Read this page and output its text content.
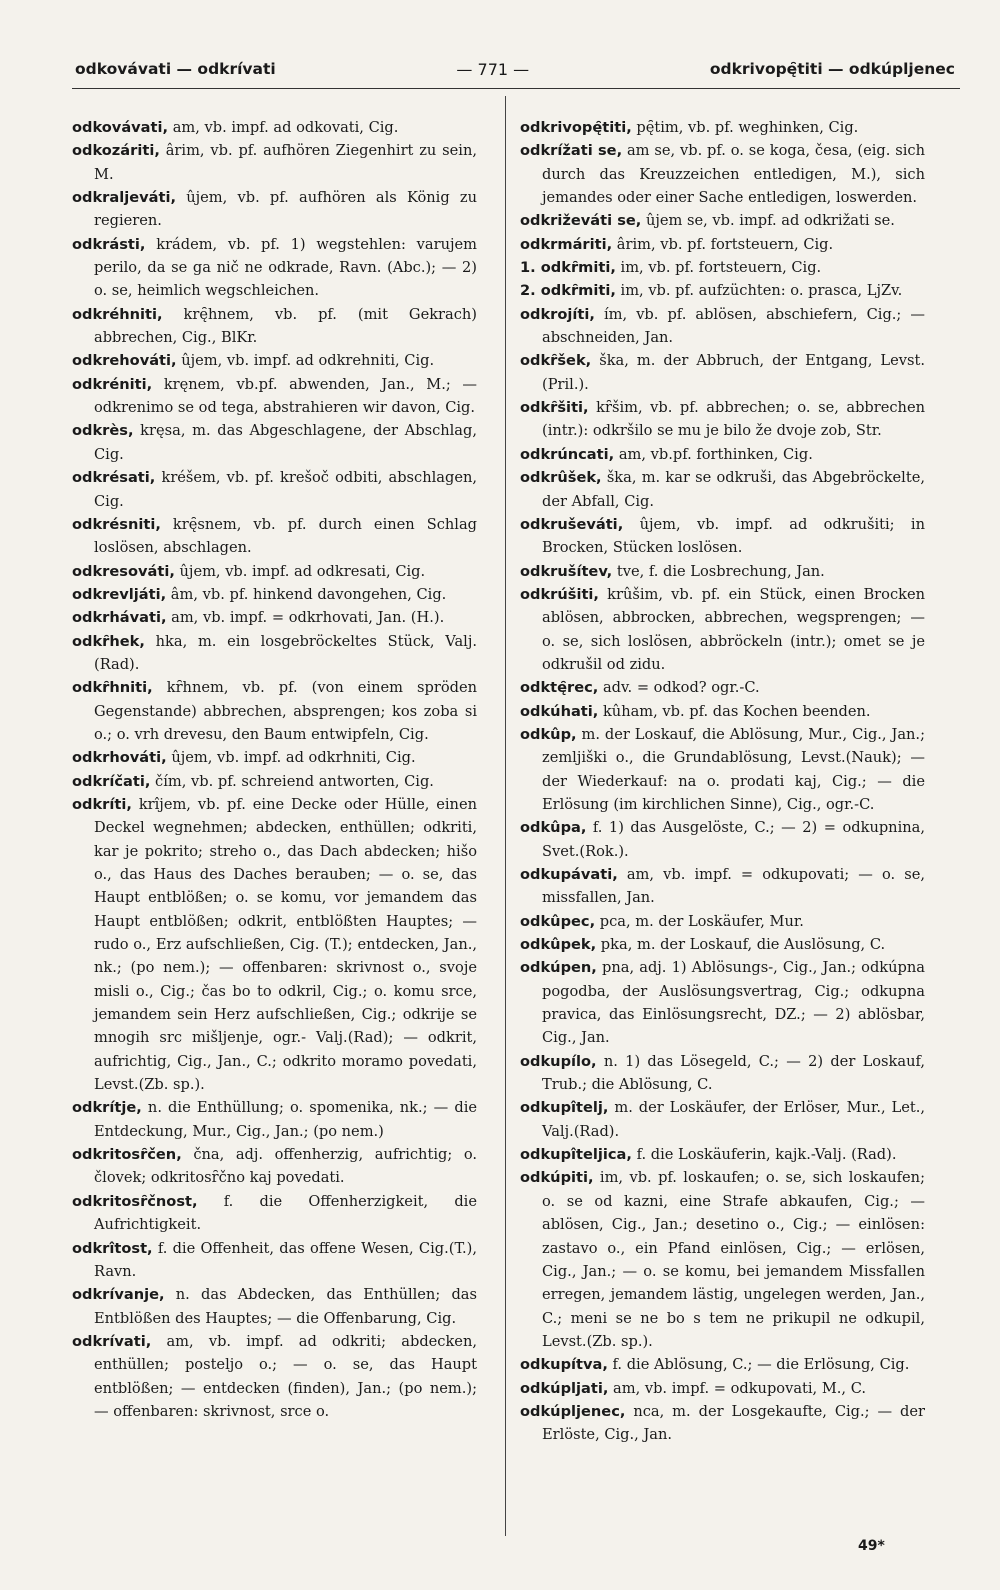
odkovávati — odkrívati	— 771 —	odkrivopę̑titi — odkúpljenec

odkovávati, am, vb. impf. ad odkovati, Cig.

odkozáriti, ârim, vb. pf. aufhören Ziegenhirt zu sein, M.

odkraljeváti, ûjem, vb. pf. aufhören als König zu regieren.

odkrásti, krádem, vb. pf. 1) wegstehlen: varujem perilo, da se ga nič ne odkrade, Ravn. (Abc.); — 2) o. se, heimlich wegschleichen.

odkréhniti, krę̑hnem, vb. pf. (mit Gekrach) abbrechen, Cig., BlKr.

odkrehováti, ûjem, vb. impf. ad odkrehniti, Cig.

odkréniti, kręnem, vb.pf. abwenden, Jan., M.; — odkrenimo se od tega, abstrahieren wir davon, Cig.

odkrès, kręsa, m. das Abgeschlagene, der Abschlag, Cig.

odkrésati, kréšem, vb. pf. krešoč odbiti, abschlagen, Cig.

odkrésniti, krę̑snem, vb. pf. durch einen Schlag loslösen, abschlagen.

odkresováti, ûjem, vb. impf. ad odkresati, Cig.

odkrevljáti, âm, vb. pf. hinkend davongehen, Cig.

odkrhávati, am, vb. impf. = odkrhovati, Jan. (H.).

odkȓhek, hka, m. ein losgebröckeltes Stück, Valj.(Rad).

odkȓhniti, kȓhnem, vb. pf. (von einem spröden Gegenstande) abbrechen, absprengen; kos zoba si o.; o. vrh drevesu, den Baum entwipfeln, Cig.

odkrhováti, ûjem, vb. impf. ad odkrhniti, Cig.

odkríčati, čím, vb. pf. schreiend antworten, Cig.

odkríti, krîjem, vb. pf. eine Decke oder Hülle, einen Deckel wegnehmen; abdecken, enthüllen; odkriti, kar je pokrito; streho o., das Dach abdecken; hišo o., das Haus des Daches berauben; — o. se, das Haupt entblößen; o. se komu, vor jemandem das Haupt entblößen; odkrit, entblößten Hauptes; — rudo o., Erz aufschließen, Cig. (T.); entdecken, Jan., nk.; (po nem.); — offenbaren: skrivnost o., svoje misli o., Cig.; čas bo to odkril, Cig.; o. komu srce, jemandem sein Herz aufschließen, Cig.; odkrije se mnogih src mišljenje, ogr.- Valj.(Rad); — odkrit, aufrichtig, Cig., Jan., C.; odkrito moramo povedati, Levst.(Zb. sp.).

odkrítje, n. die Enthüllung; o. spomenika, nk.; — die Entdeckung, Mur., Cig., Jan.; (po nem.)

odkritosȓčen, čna, adj. offenherzig, aufrichtig; o. človek; odkritosȓčno kaj povedati.

odkritosȓčnost, f. die Offenherzigkeit, die Aufrichtigkeit.

odkrîtost, f. die Offenheit, das offene Wesen, Cig.(T.), Ravn.

odkrívanje, n. das Abdecken, das Enthüllen; das Entblößen des Hauptes; — die Offenbarung, Cig.

odkrívati, am, vb. impf. ad odkriti; abdecken, enthüllen; posteljo o.; — o. se, das Haupt entblößen; — entdecken (finden), Jan.; (po nem.); — offenbaren: skrivnost, srce o.

odkrivopę̑titi, pę̑tim, vb. pf. weghinken, Cig.

odkrížati se, am se, vb. pf. o. se koga, česa, (eig. sich durch das Kreuzzeichen entledigen, M.), sich jemandes oder einer Sache entledigen, loswerden.

odkriževáti se, ûjem se, vb. impf. ad odkrižati se.

odkrmáriti, ârim, vb. pf. fortsteuern, Cig.

1. odkȓmiti, im, vb. pf. fortsteuern, Cig.

2. odkȓmiti, im, vb. pf. aufzüchten: o. prasca, LjZv.

odkrojíti, ím, vb. pf. ablösen, abschiefern, Cig.; — abschneiden, Jan.

odkȓšek, ška, m. der Abbruch, der Entgang, Levst.(Pril.).

odkȓšiti, kȓšim, vb. pf. abbrechen; o. se, abbrechen (intr.): odkršilo se mu je bilo že dvoje zob, Str.

odkrúncati, am, vb.pf. forthinken, Cig.

odkrûšek, ška, m. kar se odkruši, das Abgebröckelte, der Abfall, Cig.

odkruševáti, ûjem, vb. impf. ad odkrušiti; in Brocken, Stücken loslösen.

odkrušítev, tve, f. die Losbrechung, Jan.

odkrúšiti, krûšim, vb. pf. ein Stück, einen Brocken ablösen, abbrocken, abbrechen, wegsprengen; — o. se, sich loslösen, abbröckeln (intr.); omet se je odkrušil od zidu.

odktę̑rec, adv. = odkod? ogr.-C.

odkúhati, kûham, vb. pf. das Kochen beenden.

odkûp, m. der Loskauf, die Ablösung, Mur., Cig., Jan.; zemljiški o., die Grundablösung, Levst.(Nauk); — der Wiederkauf: na o. prodati kaj, Cig.; — die Erlösung (im kirchlichen Sinne), Cig., ogr.-C.

odkûpa, f. 1) das Ausgelöste, C.; — 2) = odkupnina, Svet.(Rok.).

odkupávati, am, vb. impf. = odkupovati; — o. se, missfallen, Jan.

odkûpec, pca, m. der Loskäufer, Mur.

odkûpek, pka, m. der Loskauf, die Auslösung, C.

odkúpen, pna, adj. 1) Ablösungs-, Cig., Jan.; odkúpna pogodba, der Auslösungsvertrag, Cig.; odkupna pravica, das Einlösungsrecht, DZ.; — 2) ablösbar, Cig., Jan.

odkupílo, n. 1) das Lösegeld, C.; — 2) der Loskauf, Trub.; die Ablösung, C.

odkupîtelj, m. der Loskäufer, der Erlöser, Mur., Let., Valj.(Rad).

odkupîteljica, f. die Loskäuferin, kajk.-Valj. (Rad).

odkúpiti, im, vb. pf. loskaufen; o. se, sich loskaufen; o. se od kazni, eine Strafe abkaufen, Cig.; — ablösen, Cig., Jan.; desetino o., Cig.; — einlösen: zastavo o., ein Pfand einlösen, Cig.; — erlösen, Cig., Jan.; — o. se komu, bei jemandem Missfallen erregen, jemandem lästig, ungelegen werden, Jan., C.; meni se ne bo s tem ne prikupil ne odkupil, Levst.(Zb. sp.).

odkupítva, f. die Ablösung, C.; — die Erlösung, Cig.

odkúpljati, am, vb. impf. = odkupovati, M., C.

odkúpljenec, nca, m. der Losgekaufte, Cig.; — der Erlöste, Cig., Jan.

49*
